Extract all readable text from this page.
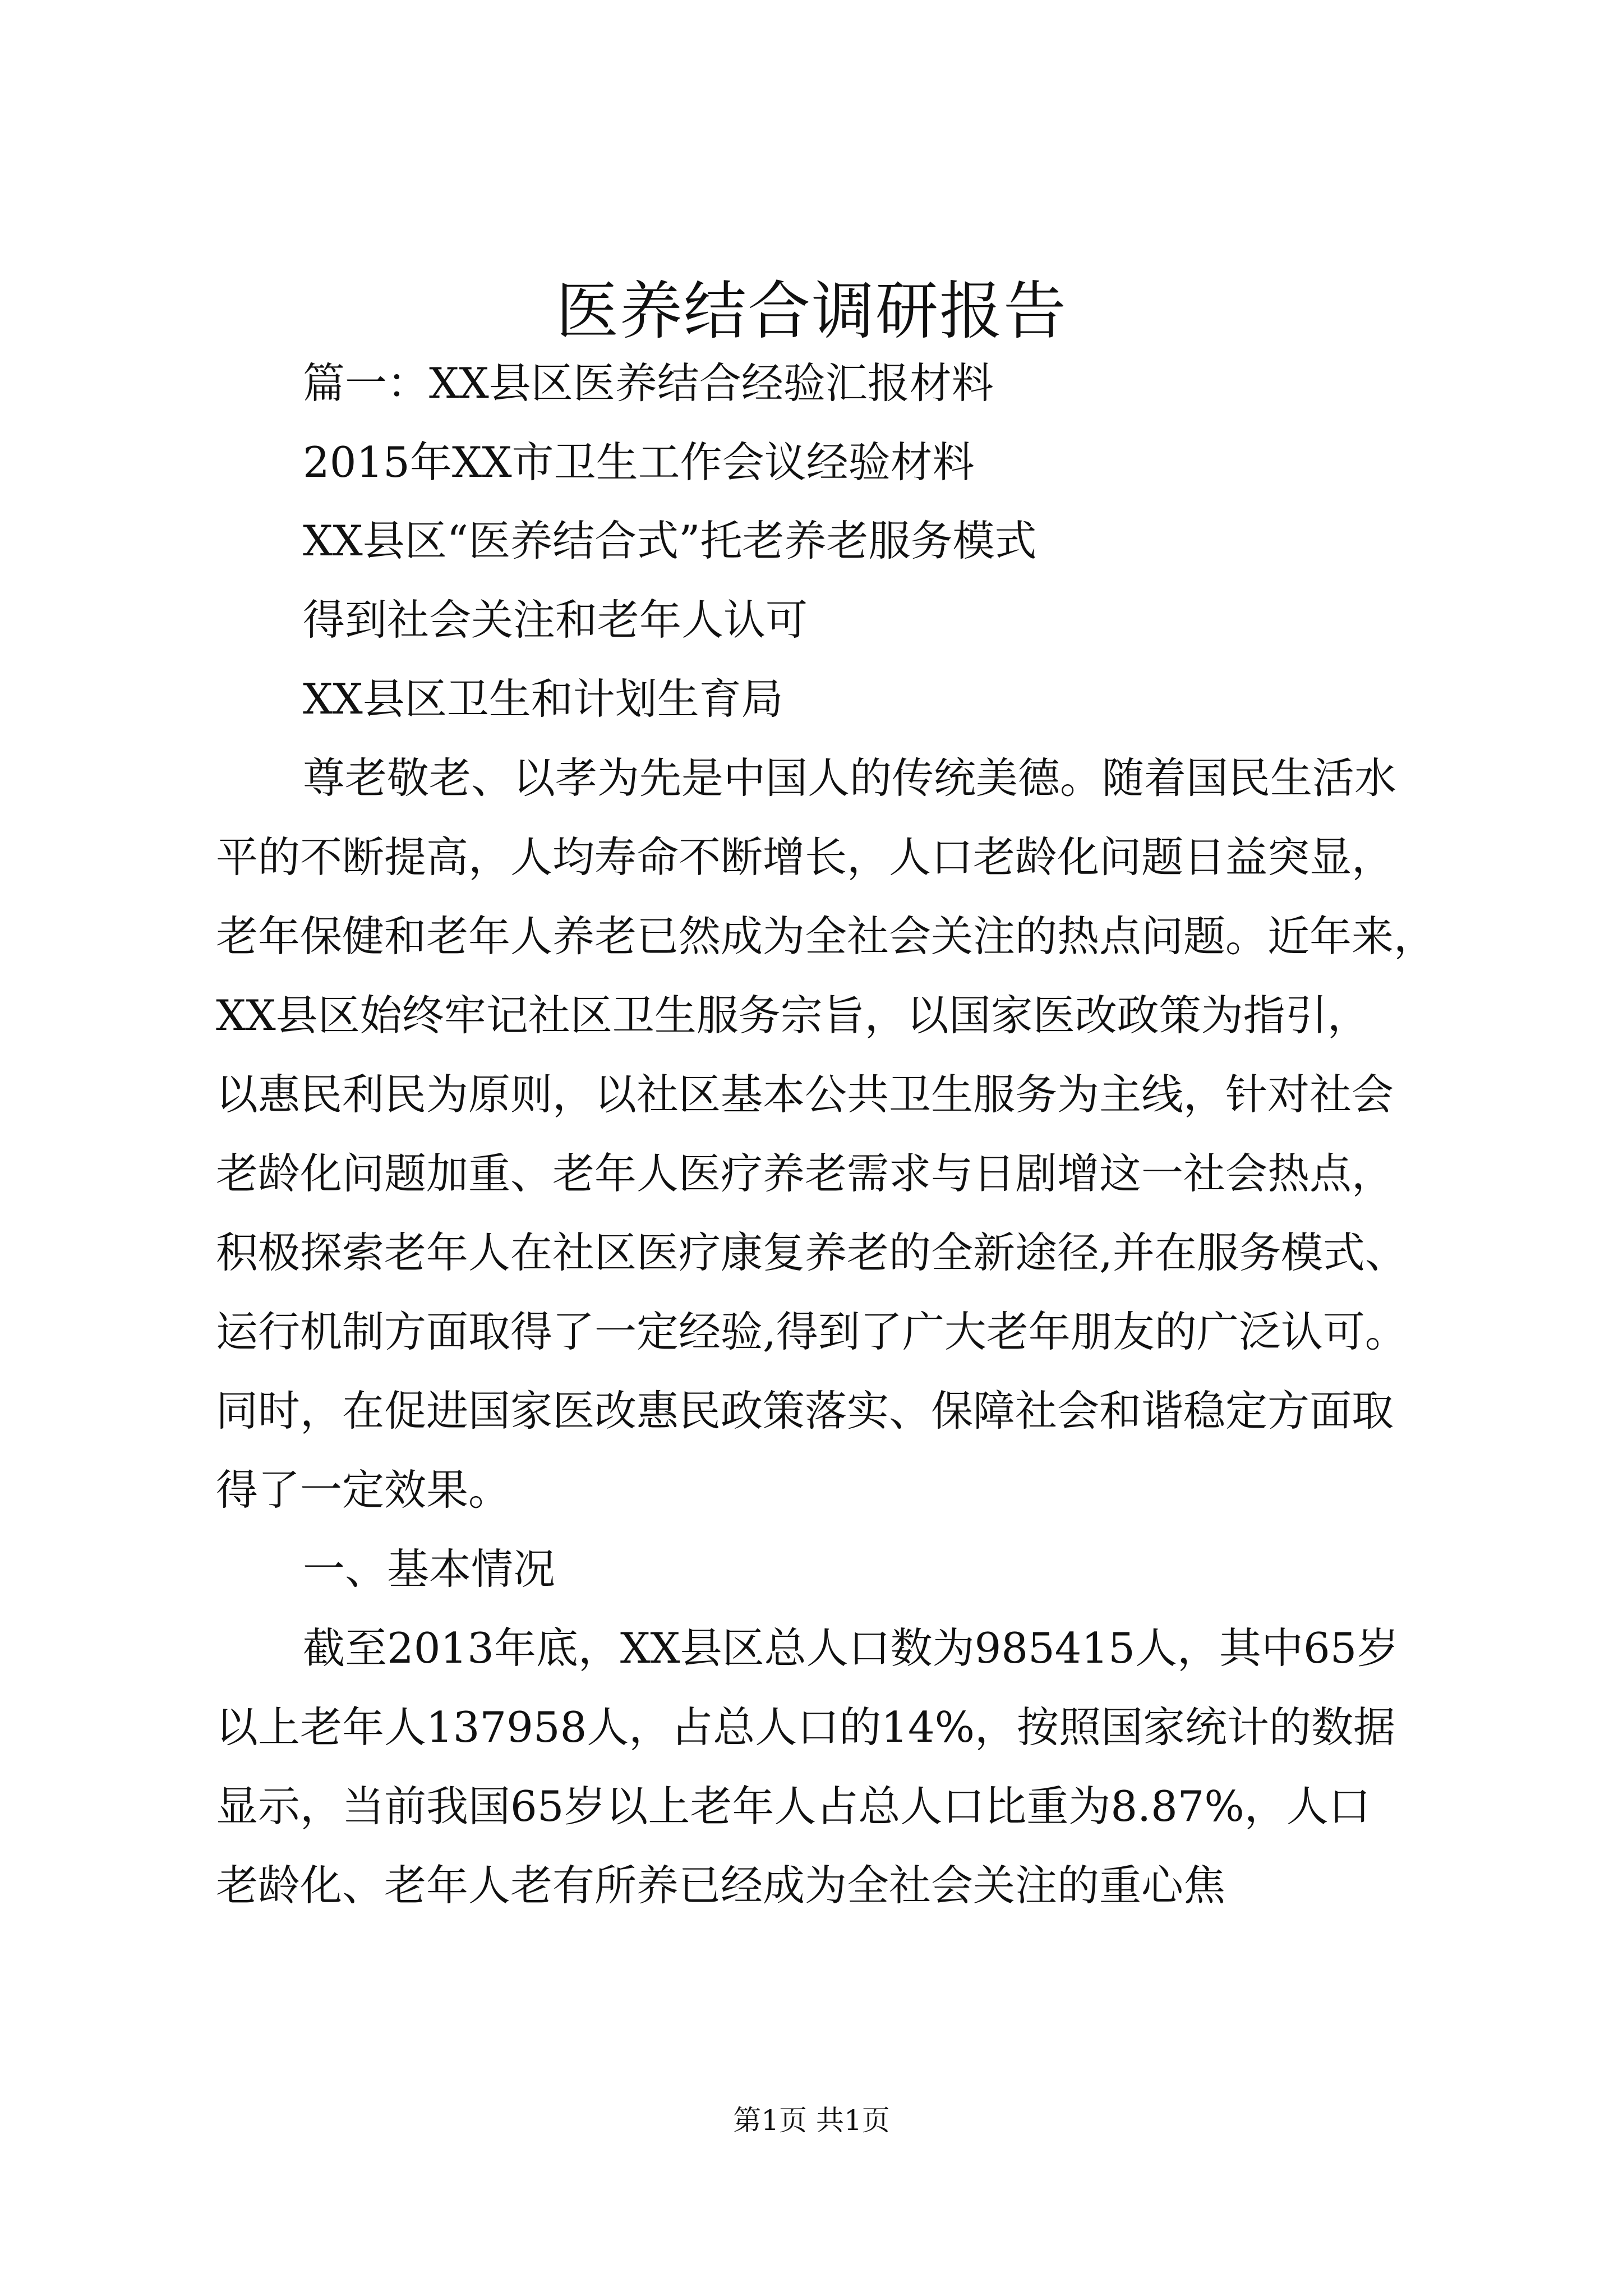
医养结合调研报告
篇一：XX县区医养结合经验汇报材料
2015年XX市卫生工作会议经验材料
XX县区“医养结合式”托老养老服务模式
得到社会关注和老年人认可
XX县区卫生和计划生育局
尊老敬老、以孝为先是中国人的传统美德。随着国民生活水
平的不断提高，人均寿命不断增长，人口老龄化问题日益突显，
老年保健和老年人养老已然成为全社会关注的热点问题。近年来，
XX县区始终牢记社区卫生服务宗旨，以国家医改政策为指引，
以惠民利民为原则，以社区基本公共卫生服务为主线，针对社会
老龄化问题加重、老年人医疗养老需求与日剧增这一社会热点，
积极探索老年人在社区医疗康复养老的全新途径,并在服务模式、
运行机制方面取得了一定经验,得到了广大老年朋友的广泛认可。
同时，在促进国家医改惠民政策落实、保障社会和谐稳定方面取
得了一定效果。
一、基本情况
截至2013年底，XX县区总人口数为985415人，其中65岁
以上老年人137958人，占总人口的14%，按照国家统计的数据
显示，当前我国65岁以上老年人占总人口比重为8.87%，人口
老龄化、老年人老有所养已经成为全社会关注的重心焦
第1页 共1页
